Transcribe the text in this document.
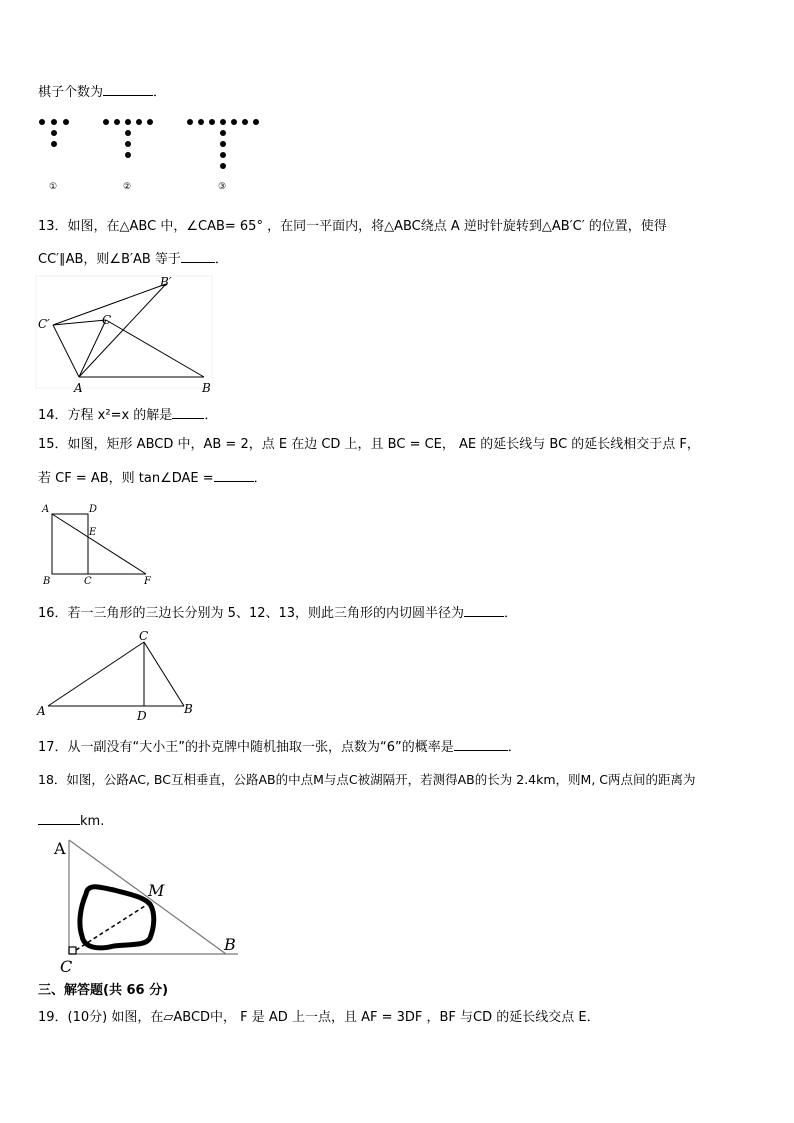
棋子个数为	．
①	②	③
13．如图，在△ABC 中，∠CAB= 65° ，在同一平面内，将△ABC绕点 A 逆时针旋转到△AB′C′ 的位置，使得
CC′∥AB，则∠B′AB 等于	．
B′
C′	C
A	B
14．方程 x²=x 的解是 ．
15．如图，矩形 ABCD 中，AB = 2，点 E 在边 CD 上，且 BC = CE， AE 的延长线与 BC 的延长线相交于点 F，
若 CF = AB，则 tan∠DAE =	．
A	D
E
B	C	F
16．若一三角形的三边长分别为 5、12、13，则此三角形的内切圆半径为	．
C
A	D	B
17．从一副没有“大小王”的扑克牌中随机抽取一张，点数为“6”的概率是	．
18．如图，公路AC, BC互相垂直，公路AB的中点M与点C被湖隔开，若测得AB的长为 2.4km，则M, C两点间的距离为
km.
A
M
B
C
三、解答题(共 66 分)
19．(10分) 如图，在▱ABCD中， F 是 AD 上一点，且 AF = 3DF ，BF 与CD 的延长线交点 E．
